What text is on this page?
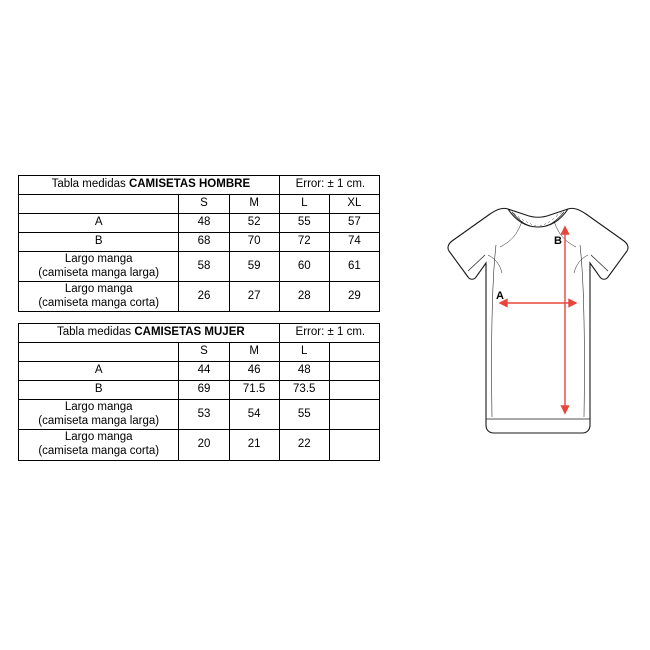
Tabla medidas CAMISETAS HOMBRE			Error: ± 1 cm.	
	S	M	L	XL
A	48	52	55	57
B	68	70	72	74

Largo manga
(camiseta manga larga)	58	59	60	61

Largo manga
(camiseta manga corta)	26	27	28	29
Tabla medidas CAMISETAS MUJER			Error: ± 1 cm.	
	S	M	L	
A	44	46	48	
B	69	71.5	73.5	

Largo manga
(camiseta manga larga)	53	54	55	

Largo manga
(camiseta manga corta)	20	21	22	
A
B
